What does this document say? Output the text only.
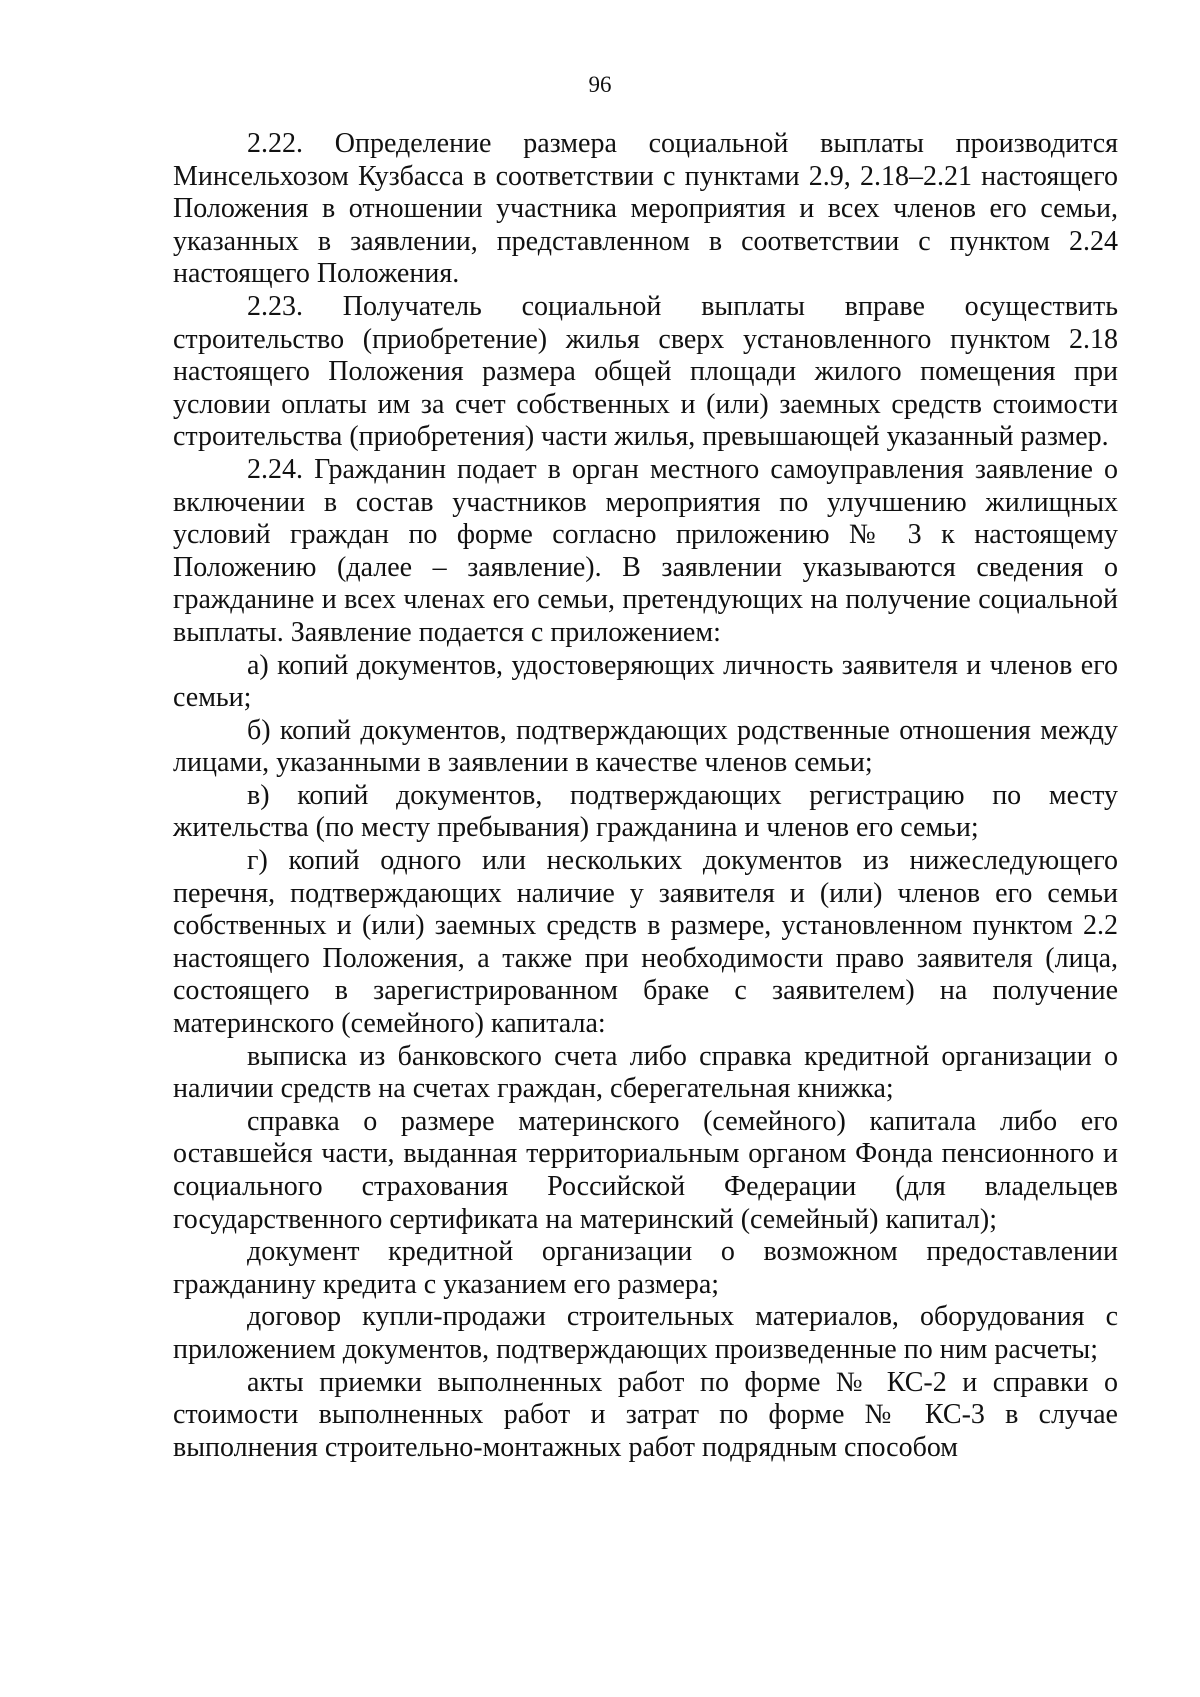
96

2.22. Определение размера социальной выплаты производится Минсельхозом Кузбасса в соответствии с пунктами 2.9, 2.18–2.21 настоящего Положения в отношении участника мероприятия и всех членов его семьи, указанных в заявлении, представленном в соответствии с пунктом 2.24 настоящего Положения.

2.23. Получатель социальной выплаты вправе осуществить строительство (приобретение) жилья сверх установленного пунктом 2.18 настоящего Положения размера общей площади жилого помещения при условии оплаты им за счет собственных и (или) заемных средств стоимости строительства (приобретения) части жилья, превышающей указанный размер.

2.24. Гражданин подает в орган местного самоуправления заявление о включении в состав участников мероприятия по улучшению жилищных условий граждан по форме согласно приложению № 3 к настоящему Положению (далее – заявление). В заявлении указываются сведения о гражданине и всех членах его семьи, претендующих на получение социальной выплаты. Заявление подается с приложением:

а) копий документов, удостоверяющих личность заявителя и членов его семьи;

б) копий документов, подтверждающих родственные отношения между лицами, указанными в заявлении в качестве членов семьи;

в) копий документов, подтверждающих регистрацию по месту жительства (по месту пребывания) гражданина и членов его семьи;

г) копий одного или нескольких документов из нижеследующего перечня, подтверждающих наличие у заявителя и (или) членов его семьи собственных и (или) заемных средств в размере, установленном пунктом 2.2 настоящего Положения, а также при необходимости право заявителя (лица, состоящего в зарегистрированном браке с заявителем) на получение материнского (семейного) капитала:

выписка из банковского счета либо справка кредитной организации о наличии средств на счетах граждан, сберегательная книжка;

справка о размере материнского (семейного) капитала либо его оставшейся части, выданная территориальным органом Фонда пенсионного и социального страхования Российской Федерации (для владельцев государственного сертификата на материнский (семейный) капитал);

документ кредитной организации о возможном предоставлении гражданину кредита с указанием его размера;

договор купли-продажи строительных материалов, оборудования с приложением документов, подтверждающих произведенные по ним расчеты;

акты приемки выполненных работ по форме № КС-2 и справки о стоимости выполненных работ и затрат по форме № КС-3 в случае выполнения строительно-монтажных работ подрядным способом
